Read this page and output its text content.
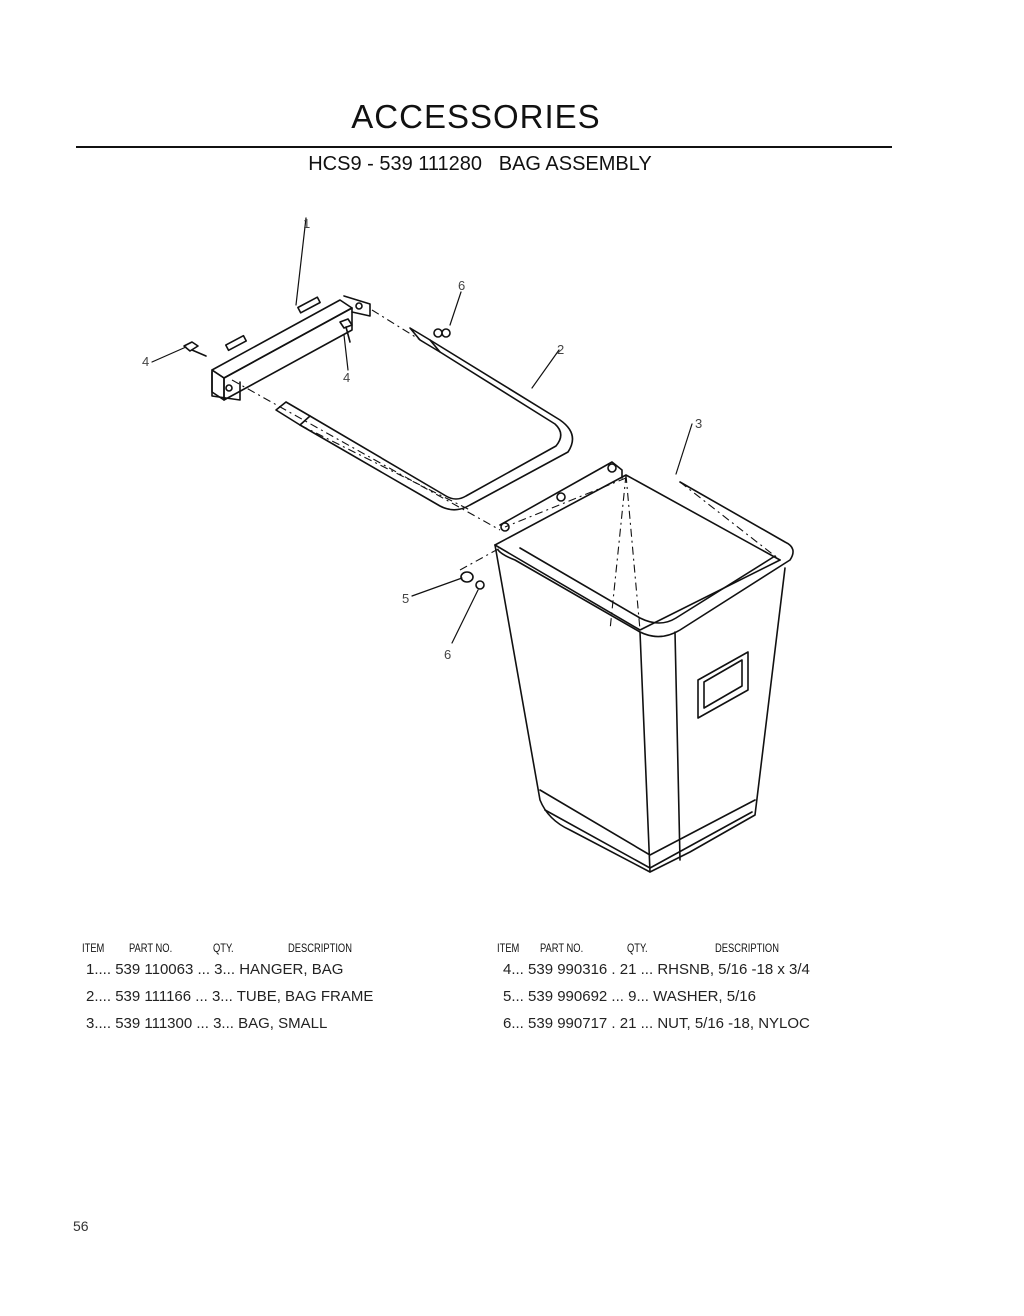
ACCESSORIES
HCS9 - 539 111280   BAG ASSEMBLY
1
2
3
4
4
5
6
6
ITEM PART NO.	QTY.	DESCRIPTION	ITEM PART NO.	QTY.	DESCRIPTION
1.... 539 110063 ... 3... HANGER, BAG
2.... 539 111166 ... 3... TUBE, BAG FRAME
3.... 539 111300 ... 3... BAG, SMALL
4... 539 990316 . 21 ... RHSNB, 5/16 -18 x 3/4
5... 539 990692 ... 9... WASHER, 5/16
6... 539 990717 . 21 ... NUT, 5/16 -18, NYLOC
56
